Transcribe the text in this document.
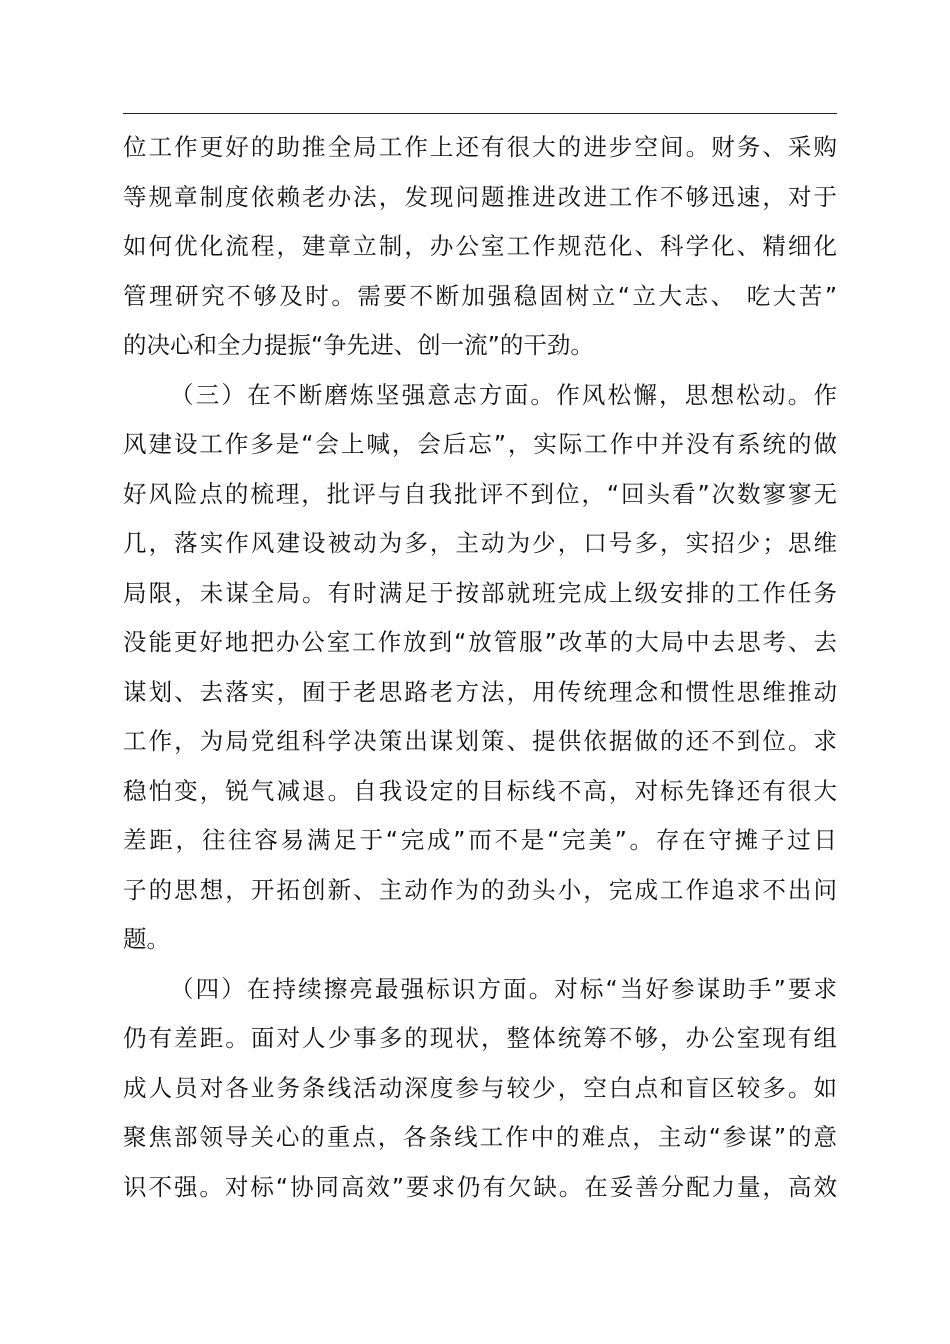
位工作更好的助推全局工作上还有很大的进步空间。财务、采购
等规章制度依赖老办法，发现问题推进改进工作不够迅速，对于
如何优化流程，建章立制，办公室工作规范化、科学化、精细化
管理研究不够及时。需要不断加强稳固树立“立大志、 吃大苦”
的决心和全力提振“争先进、创一流”的干劲。
（三）在不断磨炼坚强意志方面。作风松懈，思想松动。作
风建设工作多是“会上喊，会后忘”，实际工作中并没有系统的做
好风险点的梳理，批评与自我批评不到位，“回头看”次数寥寥无
几，落实作风建设被动为多，主动为少，口号多，实招少；思维
局限，未谋全局。有时满足于按部就班完成上级安排的工作任务
没能更好地把办公室工作放到“放管服”改革的大局中去思考、去
谋划、去落实，囿于老思路老方法，用传统理念和惯性思维推动
工作，为局党组科学决策出谋划策、提供依据做的还不到位。求
稳怕变，锐气减退。自我设定的目标线不高，对标先锋还有很大
差距，往往容易满足于“完成”而不是“完美”。存在守摊子过日
子的思想，开拓创新、主动作为的劲头小，完成工作追求不出问
题。
（四）在持续擦亮最强标识方面。对标“当好参谋助手”要求
仍有差距。面对人少事多的现状，整体统筹不够，办公室现有组
成人员对各业务条线活动深度参与较少，空白点和盲区较多。如
聚焦部领导关心的重点，各条线工作中的难点，主动“参谋”的意
识不强。对标“协同高效”要求仍有欠缺。在妥善分配力量，高效
